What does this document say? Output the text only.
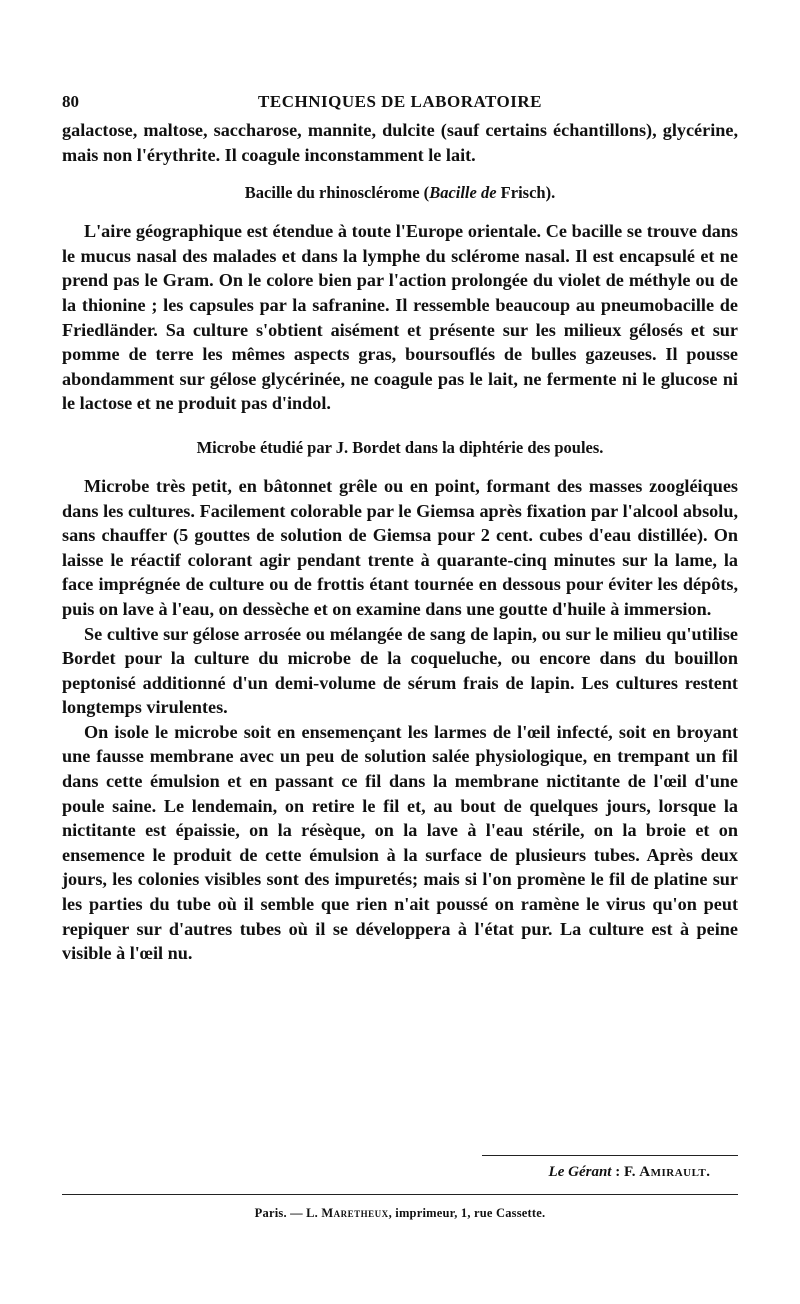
80	TECHNIQUES DE LABORATOIRE

galactose, maltose, saccharose, mannite, dulcite (sauf certains échantillons), glycérine, mais non l'érythrite. Il coagule inconstamment le lait.

Bacille du rhinosclérome (Bacille de Frisch).

L'aire géographique est étendue à toute l'Europe orientale. Ce bacille se trouve dans le mucus nasal des malades et dans la lymphe du sclérome nasal. Il est encapsulé et ne prend pas le Gram. On le colore bien par l'action prolongée du violet de méthyle ou de la thionine ; les capsules par la safranine. Il ressemble beaucoup au pneumobacille de Friedländer. Sa culture s'obtient aisément et présente sur les milieux gélosés et sur pomme de terre les mêmes aspects gras, boursouflés de bulles gazeuses. Il pousse abondamment sur gélose glycérinée, ne coagule pas le lait, ne fermente ni le glucose ni le lactose et ne produit pas d'indol.

Microbe étudié par J. Bordet dans la diphtérie des poules.

Microbe très petit, en bâtonnet grêle ou en point, formant des masses zoogléiques dans les cultures. Facilement colorable par le Giemsa après fixation par l'alcool absolu, sans chauffer (5 gouttes de solution de Giemsa pour 2 cent. cubes d'eau distillée). On laisse le réactif colorant agir pendant trente à quarante-cinq minutes sur la lame, la face imprégnée de culture ou de frottis étant tournée en dessous pour éviter les dépôts, puis on lave à l'eau, on dessèche et on examine dans une goutte d'huile à immersion.

Se cultive sur gélose arrosée ou mélangée de sang de lapin, ou sur le milieu qu'utilise Bordet pour la culture du microbe de la coqueluche, ou encore dans du bouillon peptonisé additionné d'un demi-volume de sérum frais de lapin. Les cultures restent longtemps virulentes.

On isole le microbe soit en ensemençant les larmes de l'œil infecté, soit en broyant une fausse membrane avec un peu de solution salée physiologique, en trempant un fil dans cette émulsion et en passant ce fil dans la membrane nictitante de l'œil d'une poule saine. Le lendemain, on retire le fil et, au bout de quelques jours, lorsque la nictitante est épaissie, on la résèque, on la lave à l'eau stérile, on la broie et on ensemence le produit de cette émulsion à la surface de plusieurs tubes. Après deux jours, les colonies visibles sont des impuretés; mais si l'on promène le fil de platine sur les parties du tube où il semble que rien n'ait poussé on ramène le virus qu'on peut repiquer sur d'autres tubes où il se développera à l'état pur. La culture est à peine visible à l'œil nu.

Le Gérant : F. Amirault.
Paris. — L. Maretheux, imprimeur, 1, rue Cassette.
